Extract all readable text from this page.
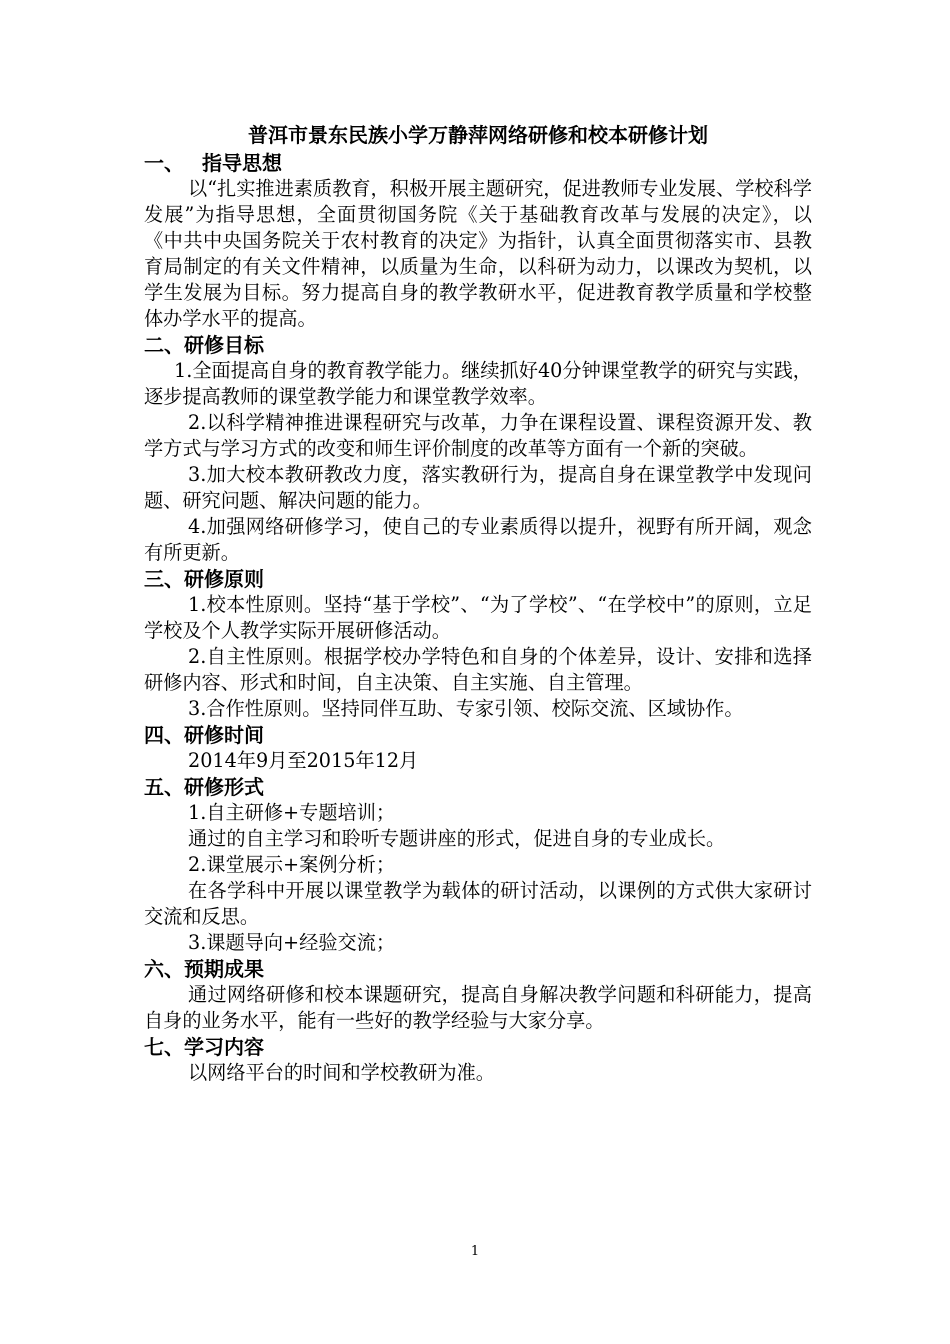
普洱市景东民族小学万静萍网络研修和校本研修计划
一、 指导思想

以“扎实推进素质教育，积极开展主题研究，促进教师专业发展、学校科学发展”为指导思想，全面贯彻国务院《关于基础教育改革与发展的决定》，以《中共中央国务院关于农村教育的决定》为指针，认真全面贯彻落实市、县教育局制定的有关文件精神，以质量为生命，以科研为动力，以课改为契机，以学生发展为目标。努力提高自身的教学教研水平，促进教育教学质量和学校整体办学水平的提高。

二、研修目标

1.全面提高自身的教育教学能力。继续抓好40分钟课堂教学的研究与实践，逐步提高教师的课堂教学能力和课堂教学效率。

2.以科学精神推进课程研究与改革，力争在课程设置、课程资源开发、教学方式与学习方式的改变和师生评价制度的改革等方面有一个新的突破。

3.加大校本教研教改力度，落实教研行为，提高自身在课堂教学中发现问题、研究问题、解决问题的能力。

4.加强网络研修学习，使自己的专业素质得以提升，视野有所开阔，观念有所更新。

三、研修原则

1.校本性原则。坚持“基于学校”、“为了学校”、“在学校中”的原则，立足学校及个人教学实际开展研修活动。

2.自主性原则。根据学校办学特色和自身的个体差异，设计、安排和选择研修内容、形式和时间，自主决策、自主实施、自主管理。

3.合作性原则。坚持同伴互助、专家引领、校际交流、区域协作。

四、研修时间

2014年9月至2015年12月

五、研修形式

1.自主研修+专题培训；

通过的自主学习和聆听专题讲座的形式，促进自身的专业成长。

2.课堂展示+案例分析；

在各学科中开展以课堂教学为载体的研讨活动，以课例的方式供大家研讨交流和反思。

3.课题导向+经验交流；

六、预期成果

通过网络研修和校本课题研究，提高自身解决教学问题和科研能力，提高自身的业务水平，能有一些好的教学经验与大家分享。

七、学习内容

以网络平台的时间和学校教研为准。

1
